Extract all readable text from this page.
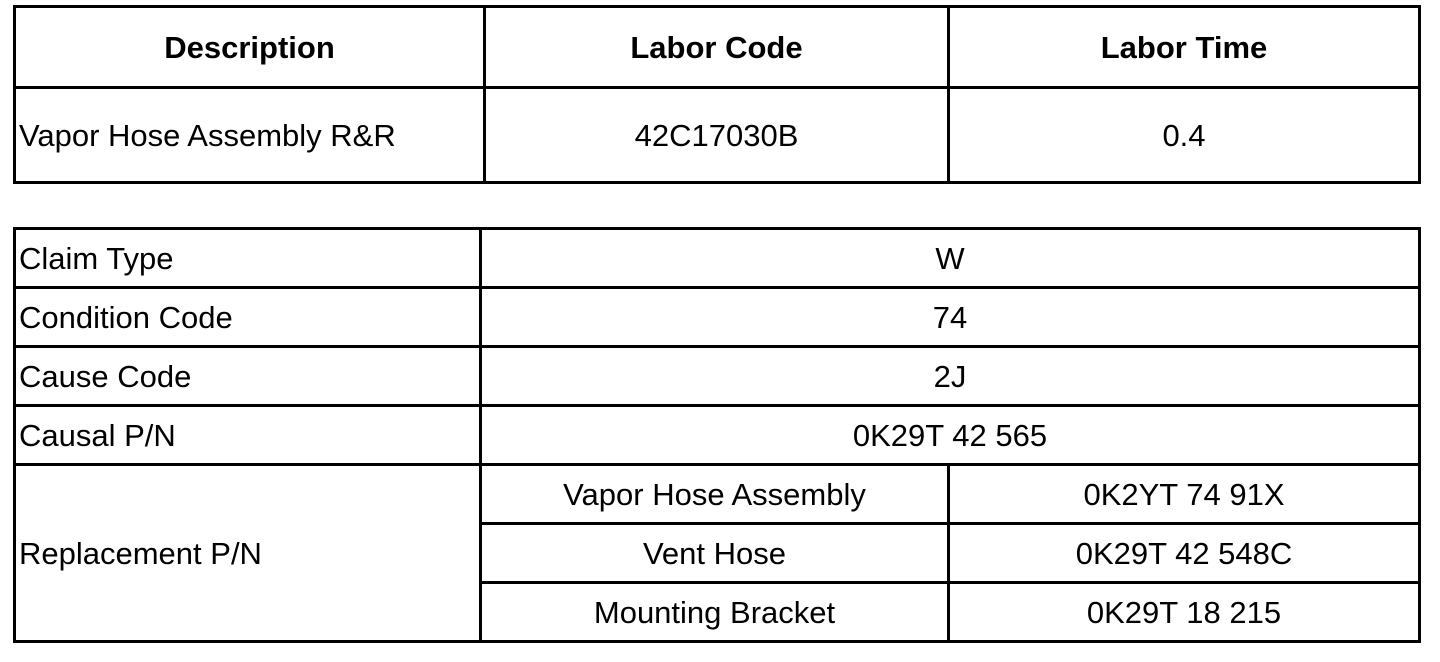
Description	Labor Code	Labor Time
Vapor Hose Assembly R&R	42C17030B	0.4
Claim Type	W	
Condition Code	74	
Cause Code	2J	
Causal P/N	0K29T 42 565	
Replacement P/N	Vapor Hose Assembly	0K2YT 74 91X
	Vent Hose	0K29T 42 548C
	Mounting Bracket	0K29T 18 215
